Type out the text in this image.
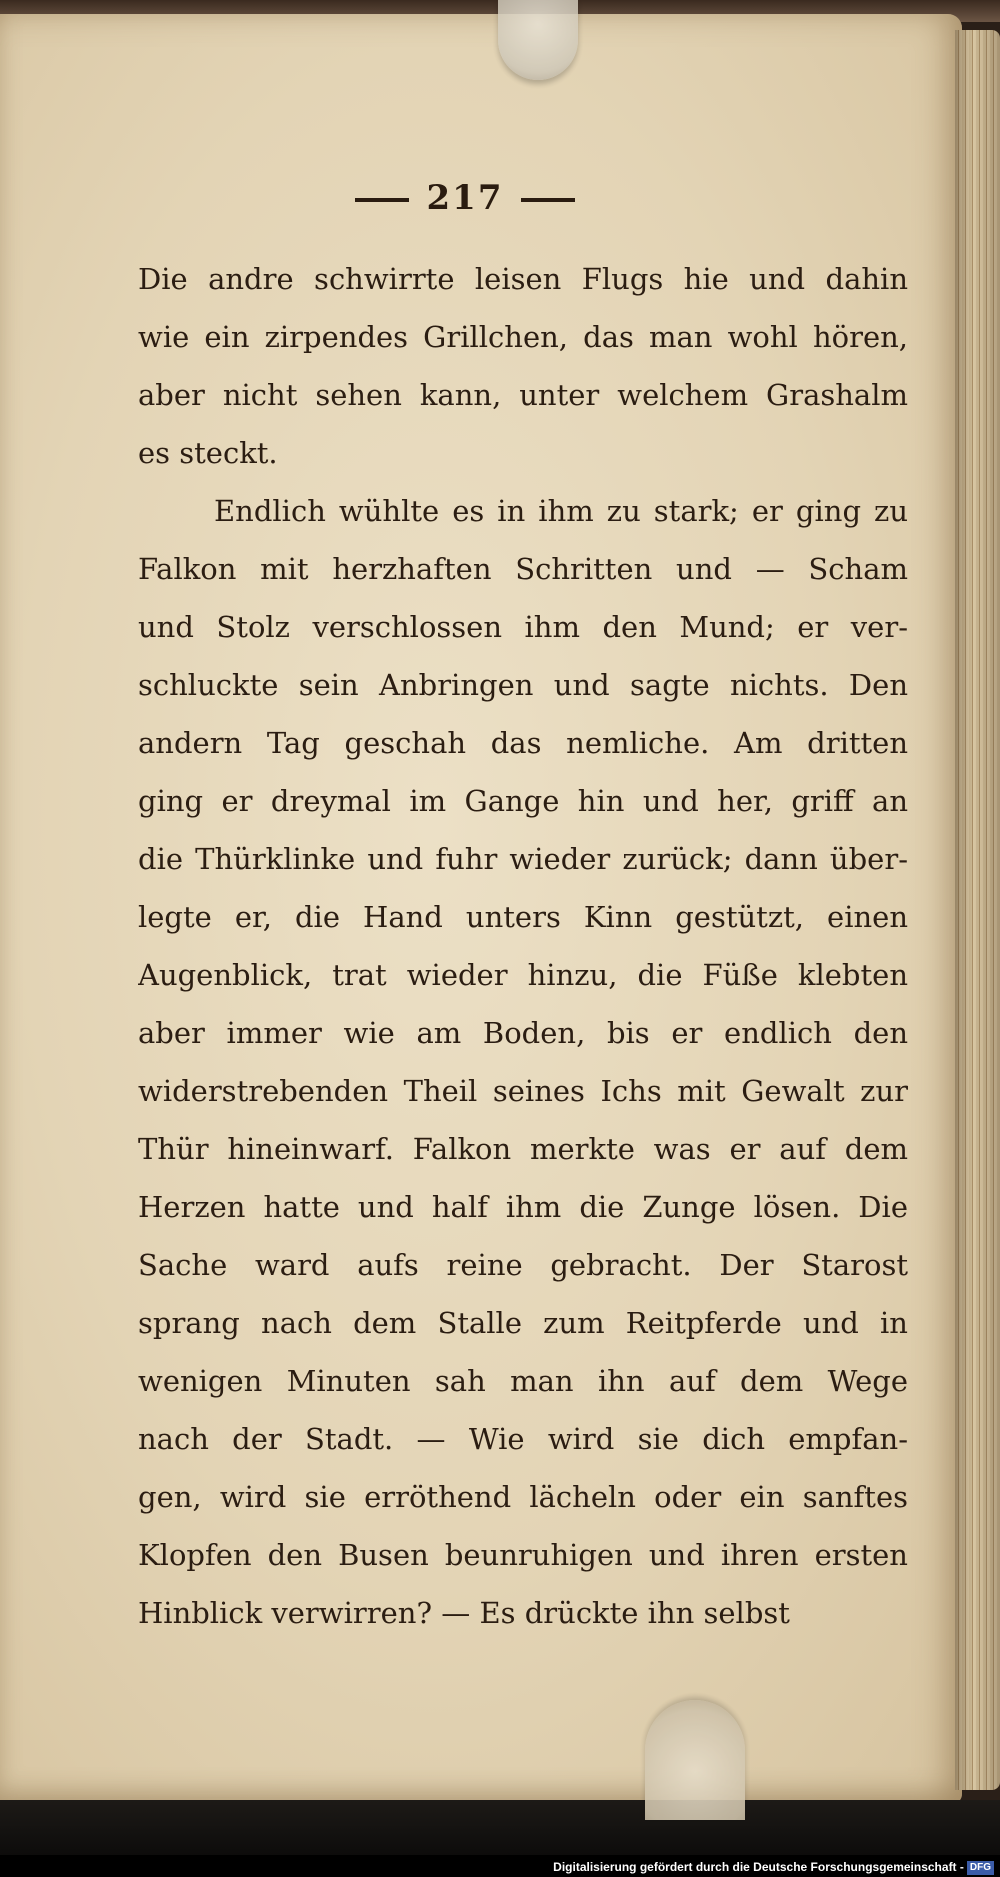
217
Die andre schwirrte leisen Flugs hie und dahin
wie ein zirpendes Grillchen, das man wohl hören,
aber nicht sehen kann, unter welchem Grashalm
es steckt.
Endlich wühlte es in ihm zu stark; er ging zu
Falkon mit herzhaften Schritten und — Scham
und Stolz verschlossen ihm den Mund; er ver-
schluckte sein Anbringen und sagte nichts. Den
andern Tag geschah das nemliche. Am dritten
ging er dreymal im Gange hin und her, griff an
die Thürklinke und fuhr wieder zurück; dann über-
legte er, die Hand unters Kinn gestützt, einen
Augenblick, trat wieder hinzu, die Füße klebten
aber immer wie am Boden, bis er endlich den
widerstrebenden Theil seines Ichs mit Gewalt zur
Thür hineinwarf. Falkon merkte was er auf dem
Herzen hatte und half ihm die Zunge lösen. Die
Sache ward aufs reine gebracht. Der Starost
sprang nach dem Stalle zum Reitpferde und in
wenigen Minuten sah man ihn auf dem Wege
nach der Stadt. — Wie wird sie dich empfan-
gen, wird sie erröthend lächeln oder ein sanftes
Klopfen den Busen beunruhigen und ihren ersten
Hinblick verwirren? — Es drückte ihn selbst
Digitalisierung gefördert durch die Deutsche Forschungsgemeinschaft - DFG
